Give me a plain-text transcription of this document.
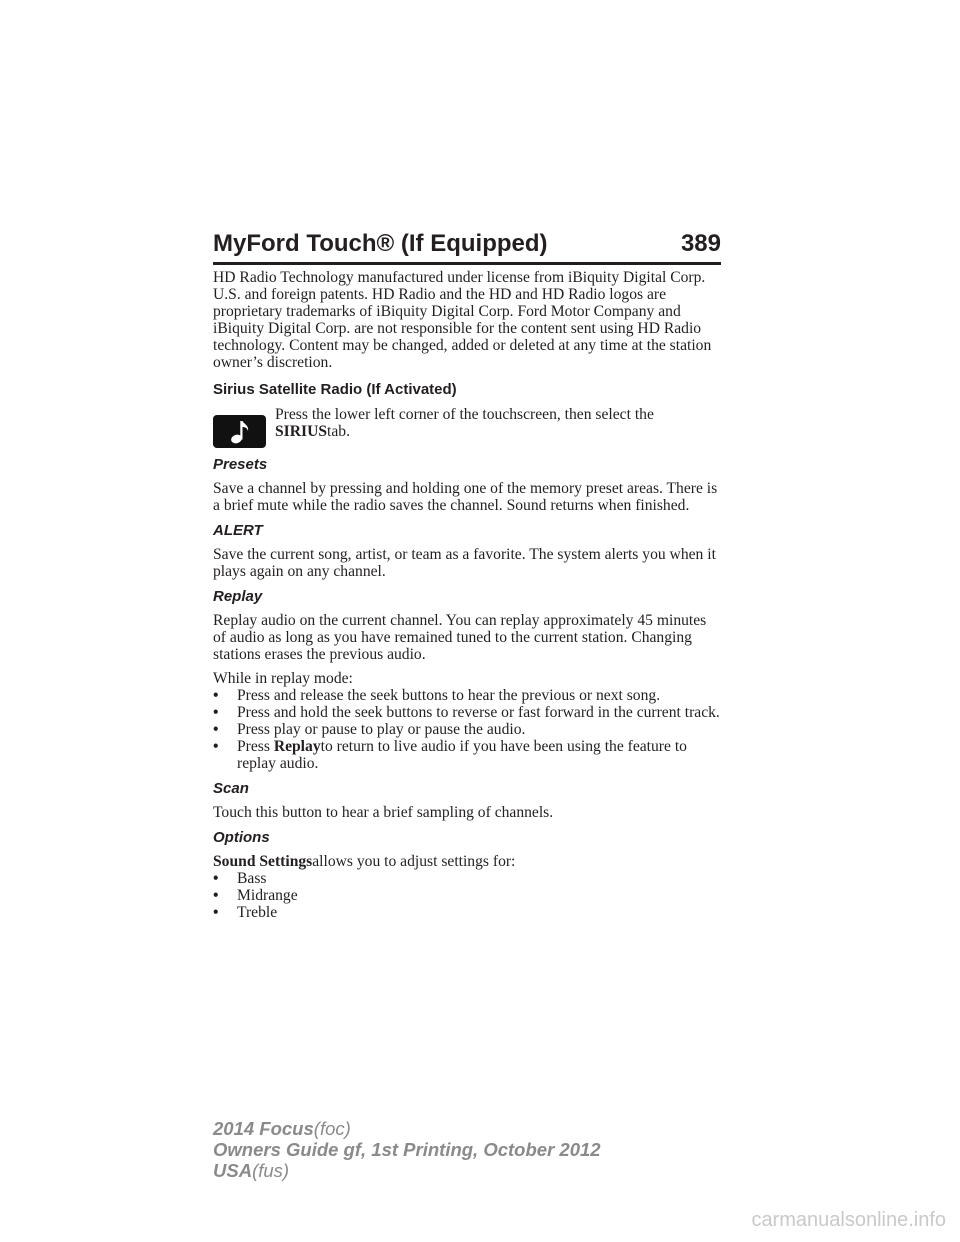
MyFord Touch® (If Equipped)	389

HD Radio Technology manufactured under license from iBiquity Digital Corp. U.S. and foreign patents. HD Radio and the HD and HD Radio logos are proprietary trademarks of iBiquity Digital Corp. Ford Motor Company and iBiquity Digital Corp. are not responsible for the content sent using HD Radio technology. Content may be changed, added or deleted at any time at the station owner’s discretion.

Sirius Satellite Radio (If Activated)

Press the lower left corner of the touchscreen, then select the SIRIUStab.

Presets

Save a channel by pressing and holding one of the memory preset areas. There is a brief mute while the radio saves the channel. Sound returns when finished.

ALERT

Save the current song, artist, or team as a favorite. The system alerts you when it plays again on any channel.

Replay

Replay audio on the current channel. You can replay approximately 45 minutes of audio as long as you have remained tuned to the current station. Changing stations erases the previous audio.

While in replay mode:

• Press and release the seek buttons to hear the previous or next song.
• Press and hold the seek buttons to reverse or fast forward in the current track.
• Press play or pause to play or pause the audio.
• Press Replayto return to live audio if you have been using the feature to replay audio.
Scan

Touch this button to hear a brief sampling of channels.

Options

Sound Settingsallows you to adjust settings for:

• Bass
• Midrange
• Treble
2014 Focus(foc)
Owners Guide gf, 1st Printing, October 2012
USA(fus)
carmanualsonline.info
